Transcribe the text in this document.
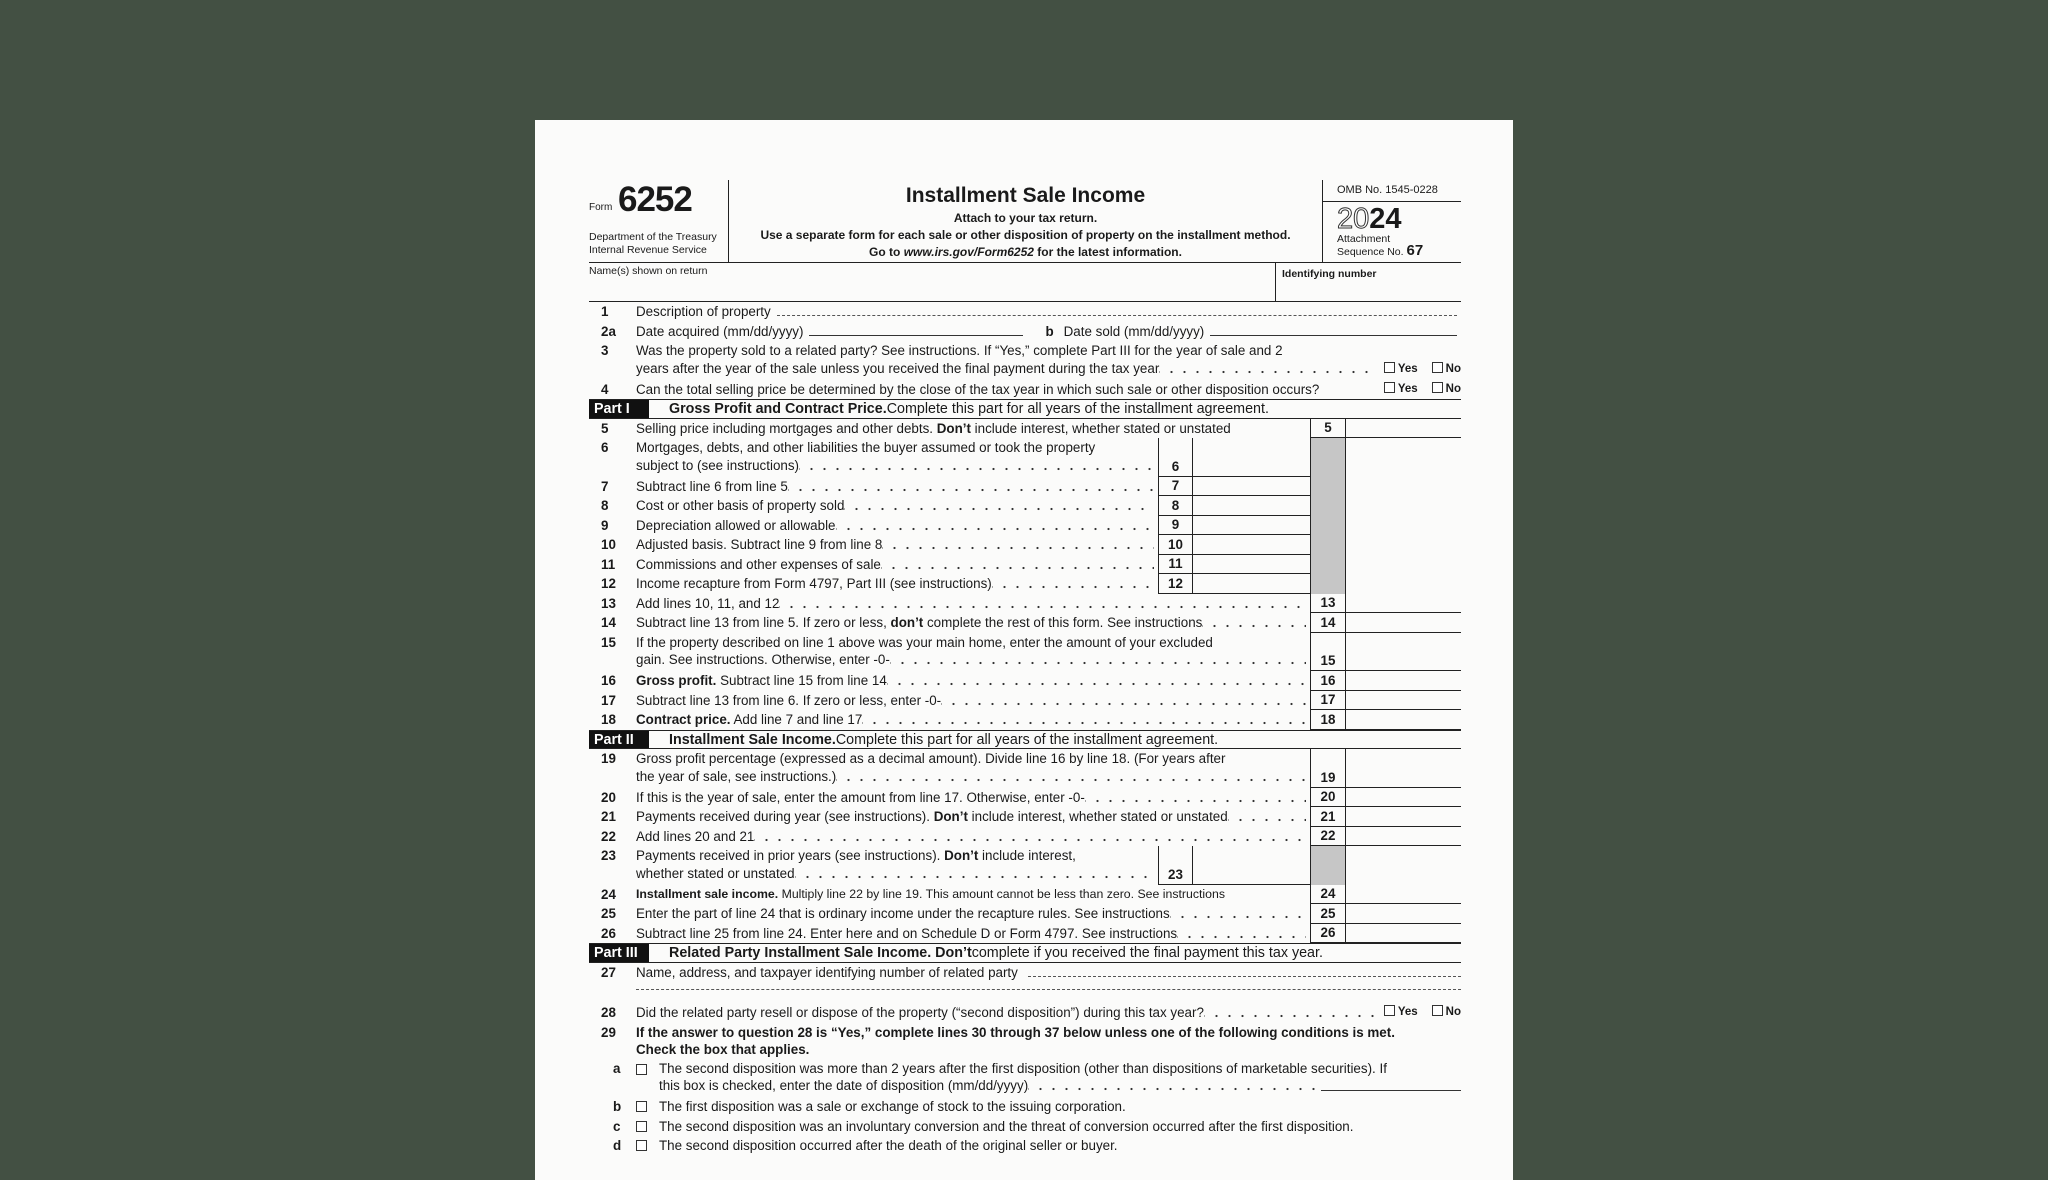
Form 6252
Department of the Treasury
Internal Revenue Service
Installment Sale Income
Attach to your tax return.
Use a separate form for each sale or other disposition of property on the installment method.
Go to www.irs.gov/Form6252 for the latest information.
OMB No. 1545-0228
2024
Attachment
Sequence No. 67
Name(s) shown on return	Identifying number
1	Description of property
2a	Date acquired (mm/dd/yyyy)	b Date sold (mm/dd/yyyy)
3	Was the property sold to a related party? See instructions. If “Yes,” complete Part III for the year of sale and 2
years after the year of the sale unless you received the final payment during the tax year	Yes	No
4	Can the total selling price be determined by the close of the tax year in which such sale or other disposition occurs?	Yes	No
Part I	Gross Profit and Contract Price. Complete this part for all years of the installment agreement.
5	Selling price including mortgages and other debts. Don’t include interest, whether stated or unstated	5
6	Mortgages, debts, and other liabilities the buyer assumed or took the property
subject to (see instructions)	6
7	Subtract line 6 from line 5	7
8	Cost or other basis of property sold	8
9	Depreciation allowed or allowable	9
10	Adjusted basis. Subtract line 9 from line 8	10
11	Commissions and other expenses of sale	11
12	Income recapture from Form 4797, Part III (see instructions)	12
13	Add lines 10, 11, and 12	13
14	Subtract line 13 from line 5. If zero or less, don’t complete the rest of this form. See instructions	14
15	If the property described on line 1 above was your main home, enter the amount of your excluded
gain. See instructions. Otherwise, enter -0-	15
16	Gross profit. Subtract line 15 from line 14	16
17	Subtract line 13 from line 6. If zero or less, enter -0-	17
18	Contract price. Add line 7 and line 17	18
Part II	Installment Sale Income. Complete this part for all years of the installment agreement.
19	Gross profit percentage (expressed as a decimal amount). Divide line 16 by line 18. (For years after
the year of sale, see instructions.)	19
20	If this is the year of sale, enter the amount from line 17. Otherwise, enter -0-	20
21	Payments received during year (see instructions). Don’t include interest, whether stated or unstated	21
22	Add lines 20 and 21	22
23	Payments received in prior years (see instructions). Don’t include interest,
whether stated or unstated	23
24	Installment sale income. Multiply line 22 by line 19. This amount cannot be less than zero. See instructions	24
25	Enter the part of line 24 that is ordinary income under the recapture rules. See instructions	25
26	Subtract line 25 from line 24. Enter here and on Schedule D or Form 4797. See instructions	26
Part III	Related Party Installment Sale Income. Don’t complete if you received the final payment this tax year.
27	Name, address, and taxpayer identifying number of related party
28	Did the related party resell or dispose of the property (“second disposition”) during this tax year?	Yes	No
29	If the answer to question 28 is “Yes,” complete lines 30 through 37 below unless one of the following conditions is met.
Check the box that applies.
a	The second disposition was more than 2 years after the first disposition (other than dispositions of marketable securities). If
this box is checked, enter the date of disposition (mm/dd/yyyy)
b	The first disposition was a sale or exchange of stock to the issuing corporation.
c	The second disposition was an involuntary conversion and the threat of conversion occurred after the first disposition.
d	The second disposition occurred after the death of the original seller or buyer.
